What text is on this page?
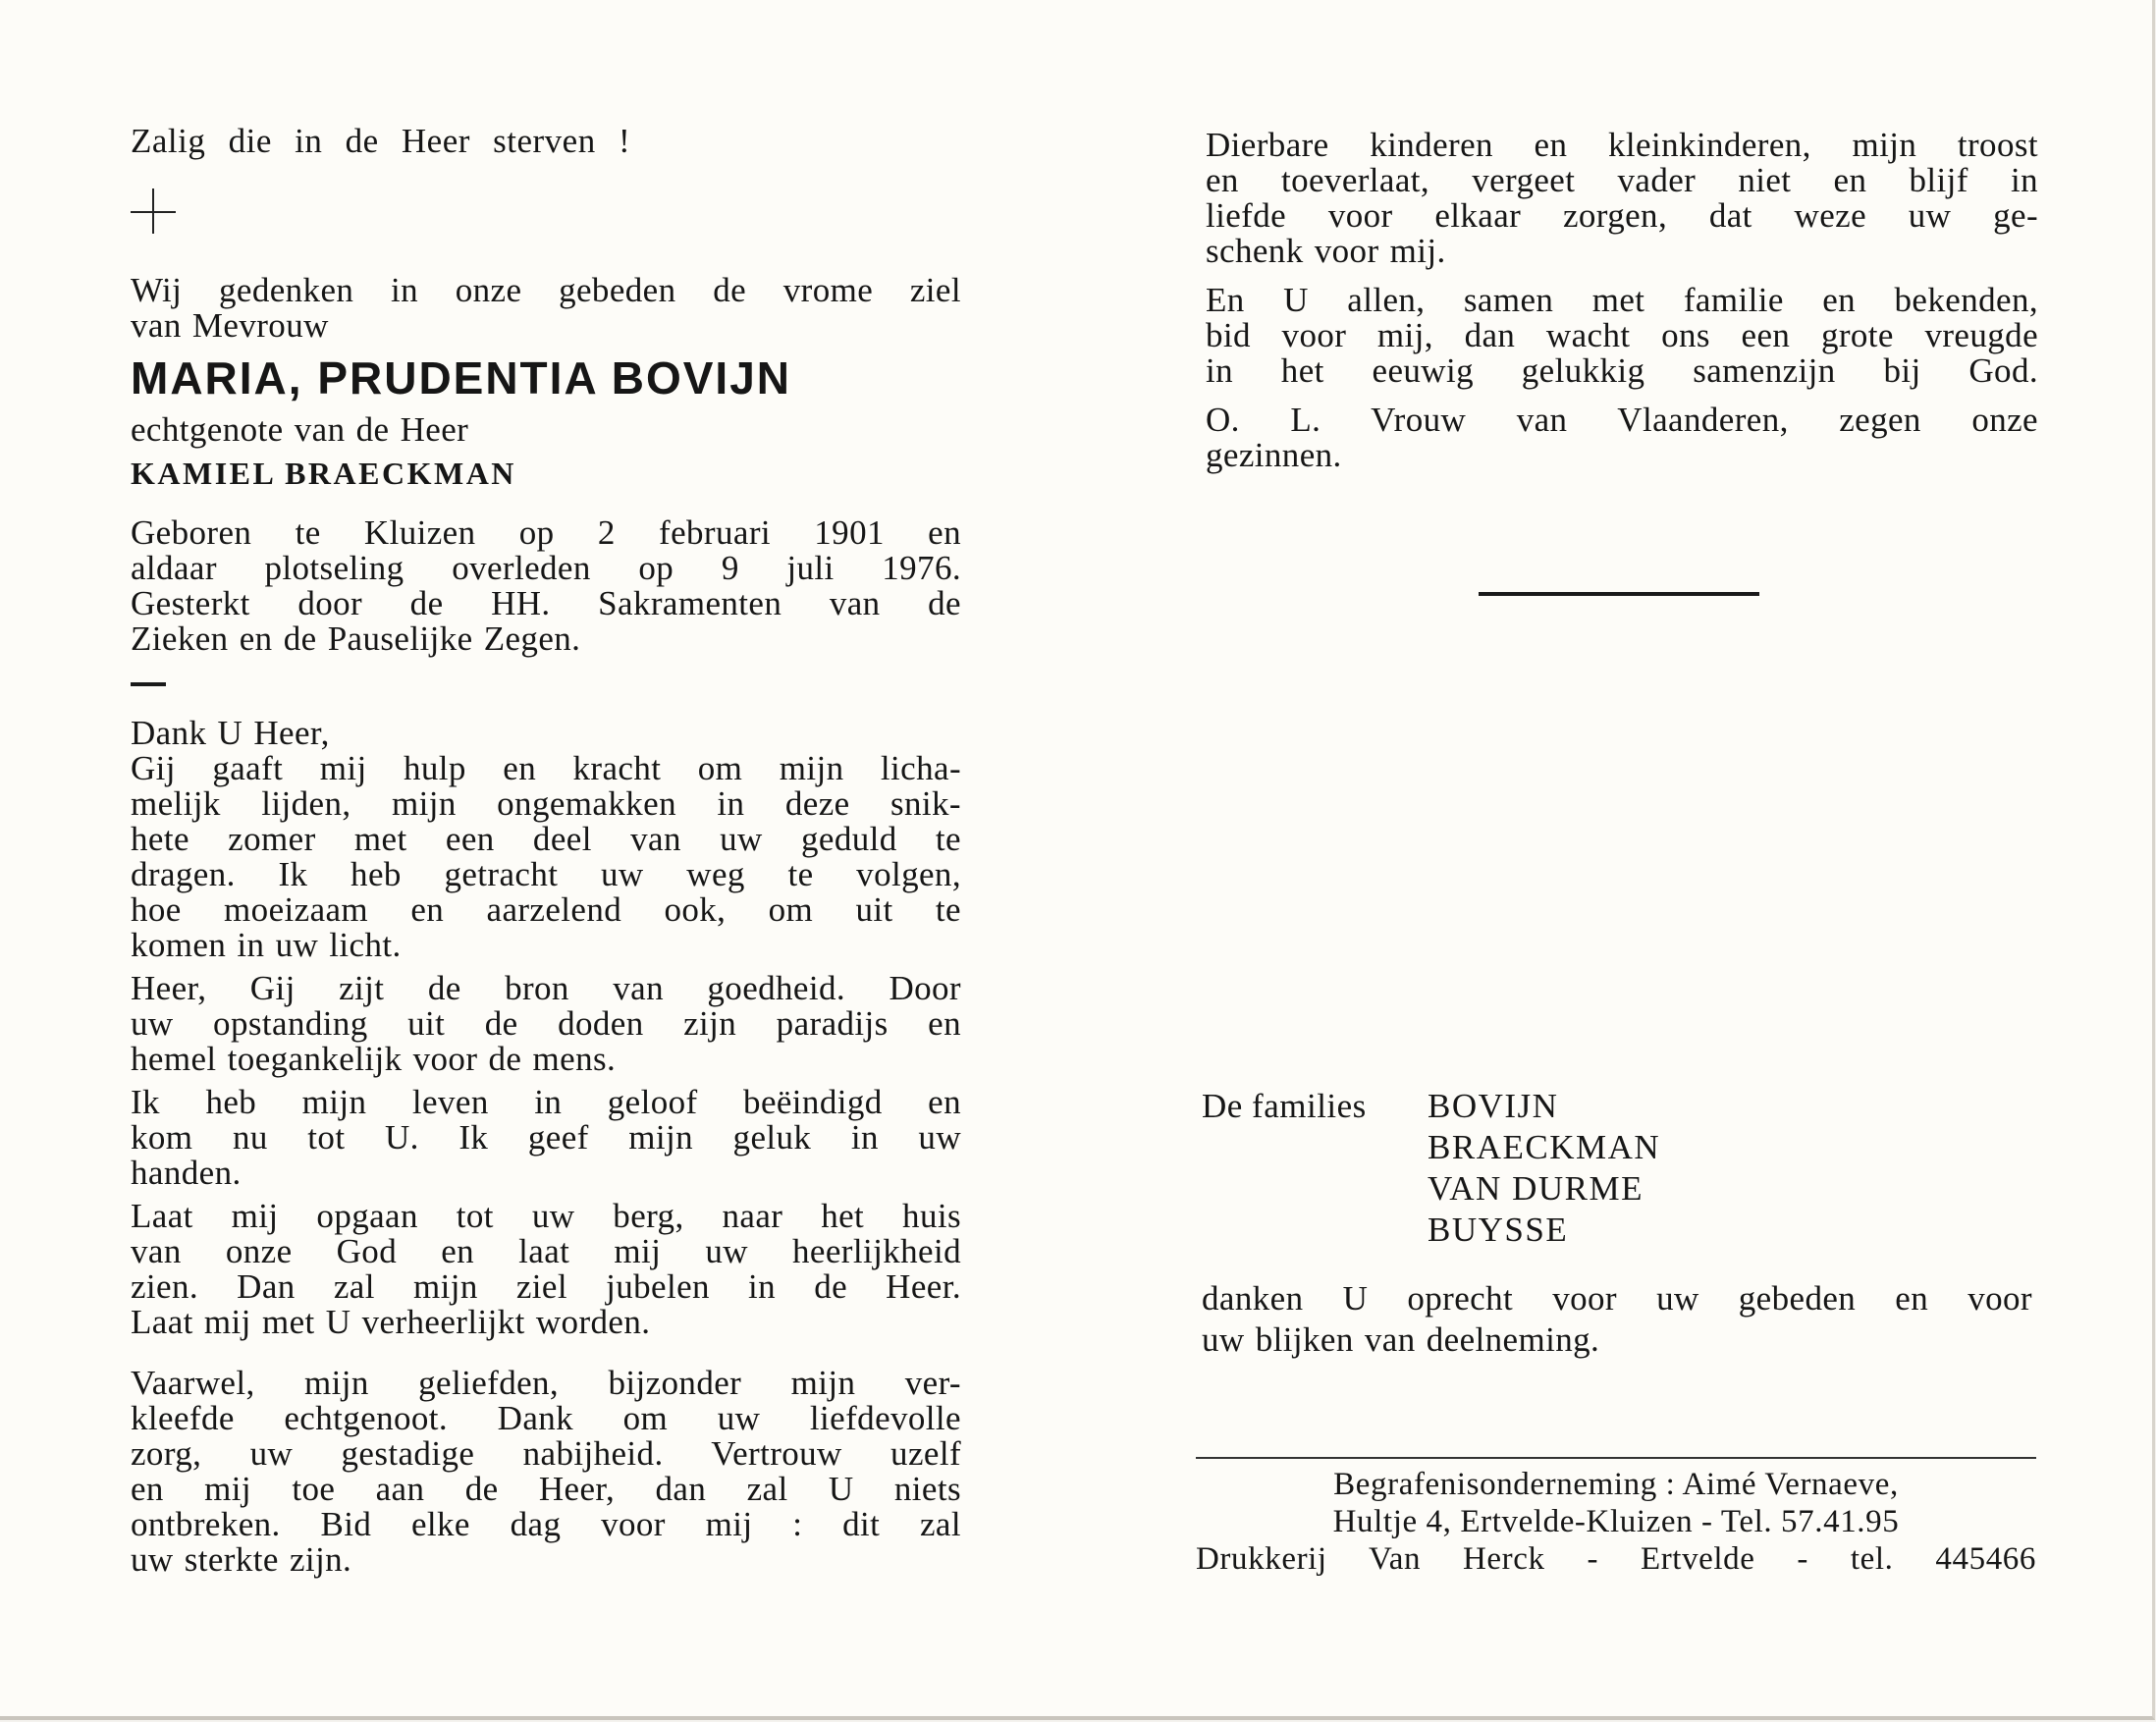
Zalig die in de Heer sterven !

Wij gedenken in onze gebeden de vrome ziel
van Mevrouw
MARIA, PRUDENTIA BOVIJN
echtgenote van de Heer
KAMIEL BRAECKMAN
Geboren te Kluizen op 2 februari 1901 en
aldaar plotseling overleden op 9 juli 1976.
Gesterkt door de HH. Sakramenten van de
Zieken en de Pauselijke Zegen.
Dank U Heer,
Gij gaaft mij hulp en kracht om mijn licha-
melijk lijden, mijn ongemakken in deze snik-
hete zomer met een deel van uw geduld te
dragen. Ik heb getracht uw weg te volgen,
hoe moeizaam en aarzelend ook, om uit te
komen in uw licht.
Heer, Gij zijt de bron van goedheid. Door
uw opstanding uit de doden zijn paradijs en
hemel toegankelijk voor de mens.
Ik heb mijn leven in geloof beëindigd en
kom nu tot U. Ik geef mijn geluk in uw
handen.
Laat mij opgaan tot uw berg, naar het huis
van onze God en laat mij uw heerlijkheid
zien. Dan zal mijn ziel jubelen in de Heer.
Laat mij met U verheerlijkt worden.
Vaarwel, mijn geliefden, bijzonder mijn ver-
kleefde echtgenoot. Dank om uw liefdevolle
zorg, uw gestadige nabijheid. Vertrouw uzelf
en mij toe aan de Heer, dan zal U niets
ontbreken. Bid elke dag voor mij : dit zal
uw sterkte zijn.
Dierbare kinderen en kleinkinderen, mijn troost
en toeverlaat, vergeet vader niet en blijf in
liefde voor elkaar zorgen, dat weze uw ge-
schenk voor mij.
En U allen, samen met familie en bekenden,
bid voor mij, dan wacht ons een grote vreugde
in het eeuwig gelukkig samenzijn bij God.
O. L. Vrouw van Vlaanderen, zegen onze
gezinnen.
De families BOVIJN
BRAECKMAN
VAN DURME
BUYSSE
danken U oprecht voor uw gebeden en voor
uw blijken van deelneming.
Begrafenisonderneming : Aimé Vernaeve,
Hultje 4, Ertvelde-Kluizen - Tel. 57.41.95
Drukkerij Van Herck - Ertvelde - tel. 445466
